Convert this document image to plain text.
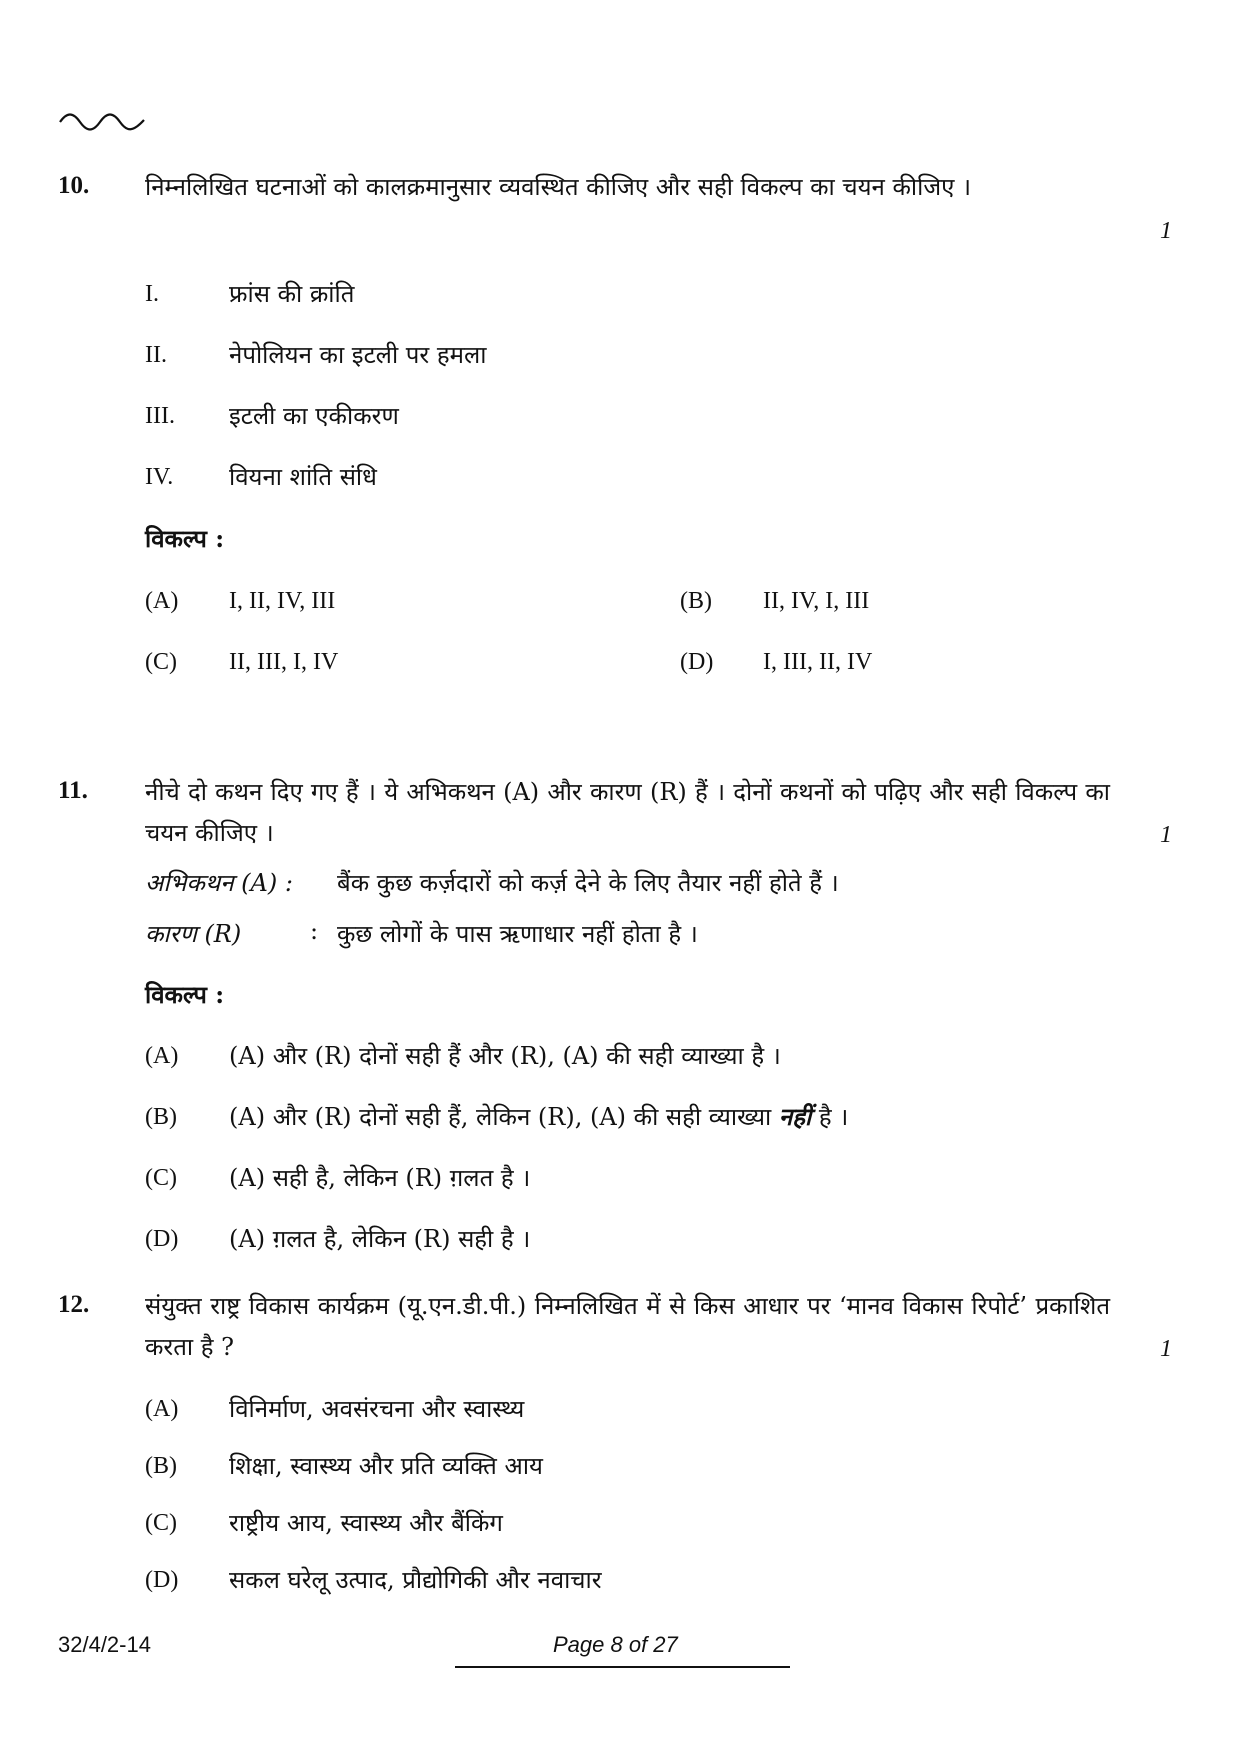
10. निम्नलिखित घटनाओं को कालक्रमानुसार व्यवस्थित कीजिए और सही विकल्प का चयन कीजिए ।
1
I.	फ्रांस की क्रांति
II.	नेपोलियन का इटली पर हमला
III. इटली का एकीकरण
IV. वियना शांति संधि
विकल्प :
(A) I, II, IV, III	(B) II, IV, I, III
(C) II, III, I, IV	(D) I, III, II, IV
11. नीचे दो कथन दिए गए हैं । ये अभिकथन (A) और कारण (R) हैं । दोनों कथनों को पढ़िए और सही विकल्प का चयन कीजिए ।	1
अभिकथन (A) : बैंक कुछ कर्ज़दारों को कर्ज़ देने के लिए तैयार नहीं होते हैं ।
कारण (R)	: कुछ लोगों के पास ऋणाधार नहीं होता है ।
विकल्प :
(A) (A) और (R) दोनों सही हैं और (R), (A) की सही व्याख्या है ।
(B) (A) और (R) दोनों सही हैं, लेकिन (R), (A) की सही व्याख्या नहीं है ।
(C) (A) सही है, लेकिन (R) ग़लत है ।
(D) (A) ग़लत है, लेकिन (R) सही है ।
12. संयुक्त राष्ट्र विकास कार्यक्रम (यू.एन.डी.पी.) निम्नलिखित में से किस आधार पर ‘मानव विकास रिपोर्ट’ प्रकाशित करता है ?	1
(A) विनिर्माण, अवसंरचना और स्वास्थ्य
(B) शिक्षा, स्वास्थ्य और प्रति व्यक्ति आय
(C) राष्ट्रीय आय, स्वास्थ्य और बैंकिंग
(D) सकल घरेलू उत्पाद, प्रौद्योगिकी और नवाचार
32/4/2-14	Page 8 of 27
